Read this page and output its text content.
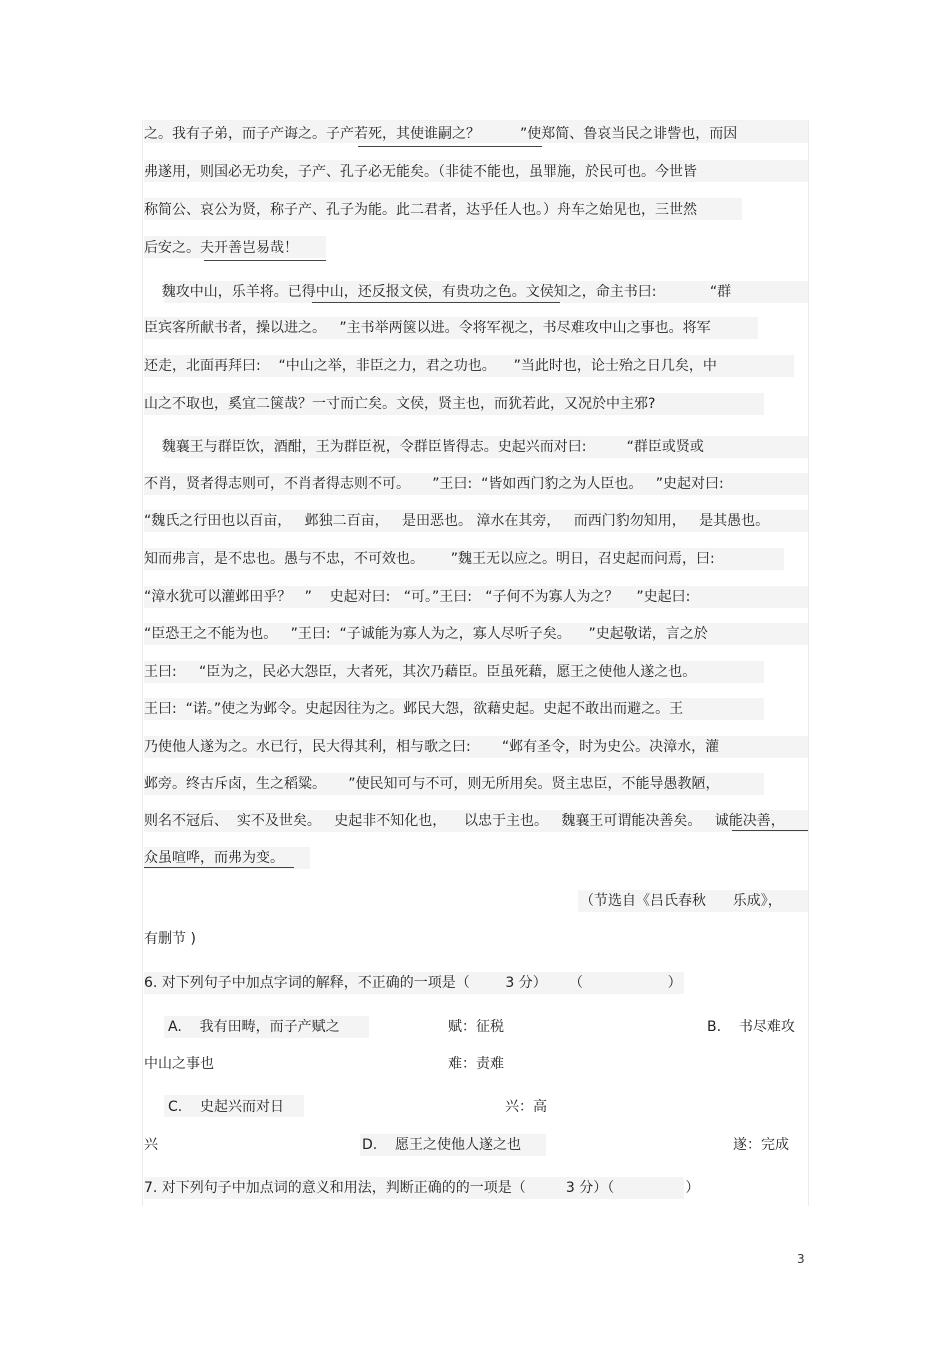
之。我有子弟，而子产诲之。子产若死，其使谁嗣之？         ”使郑简、鲁哀当民之诽訾也，而因
弗遂用，则国必无功矣，子产、孔子必无能矣。（非徒不能也，虽罪施，於民可也。今世皆
称简公、哀公为贤，称子产、孔子为能。此二君者，达乎任人也。）舟车之始见也，三世然
后安之。夫开善岂易哉！
魏攻中山，乐羊将。已得中山，还反报文侯，有贵功之色。文侯知之，命主书曰:            “群
臣宾客所献书者，操以进之。   ”主书举两箧以进。令将军视之，书尽难攻中山之事也。将军
还走，北面再拜曰:    “中山之举，非臣之力，君之功也。    ”当此时也，论士殆之日几矣，中
山之不取也，奚宜二箧哉？一寸而亡矣。文侯，贤主也，而犹若此，又况於中主邪?
魏襄王与群臣饮，酒酣，王为群臣祝，令群臣皆得志。史起兴而对曰:         “群臣或贤或
不肖，贤者得志则可，不肖者得志则不可。     ”王曰:  “皆如西门豹之为人臣也。   ”史起对曰:
“魏氏之行田也以百亩，   邺独二百亩，   是田恶也。 漳水在其旁，   而西门豹勿知用，   是其愚也。
知而弗言，是不忠也。愚与不忠，不可效也。      ”魏王无以应之。明日，召史起而问焉，曰:
“漳水犹可以灌邺田乎？   ”    史起对曰:   “可。”王曰:   “子何不为寡人为之？    ”史起曰:
“臣恐王之不能为也。   ”王曰:  “子诚能为寡人为之，寡人尽听子矣。    ”史起敬诺，言之於
王曰:     “臣为之，民必大怨臣，大者死，其次乃藉臣。臣虽死藉，愿王之使他人遂之也。
王曰:  “诺。”使之为邺令。史起因往为之。邺民大怨，欲藉史起。史起不敢出而避之。王
乃使他人遂为之。水已行，民大得其利，相与歌之曰:       “邺有圣令，时为史公。决漳水，灌
邺旁。终古斥卤，生之稻粱。     ”使民知可与不可，则无所用矣。贤主忠臣，不能导愚教陋，
则名不冠后、  实不及世矣。   史起非不知化也，    以忠于主也。   魏襄王可谓能决善矣。   诚能决善，
众虽喧哗，而弗为变。
（节选自《吕氏春秋      乐成》，
有删节 )
6. 对下列句子中加点字词的解释，不正确的一项是（        3 分）     （                   ）
A.    我有田畴，而子产赋之	赋：征税	B.    书尽难攻
中山之事也	难：责难
C.    史起兴而对日	兴：高
兴	D.    愿王之使他人遂之也	遂：完成
7. 对下列句子中加点词的意义和用法，判断正确的的一项是（         3 分）（                ）
3
